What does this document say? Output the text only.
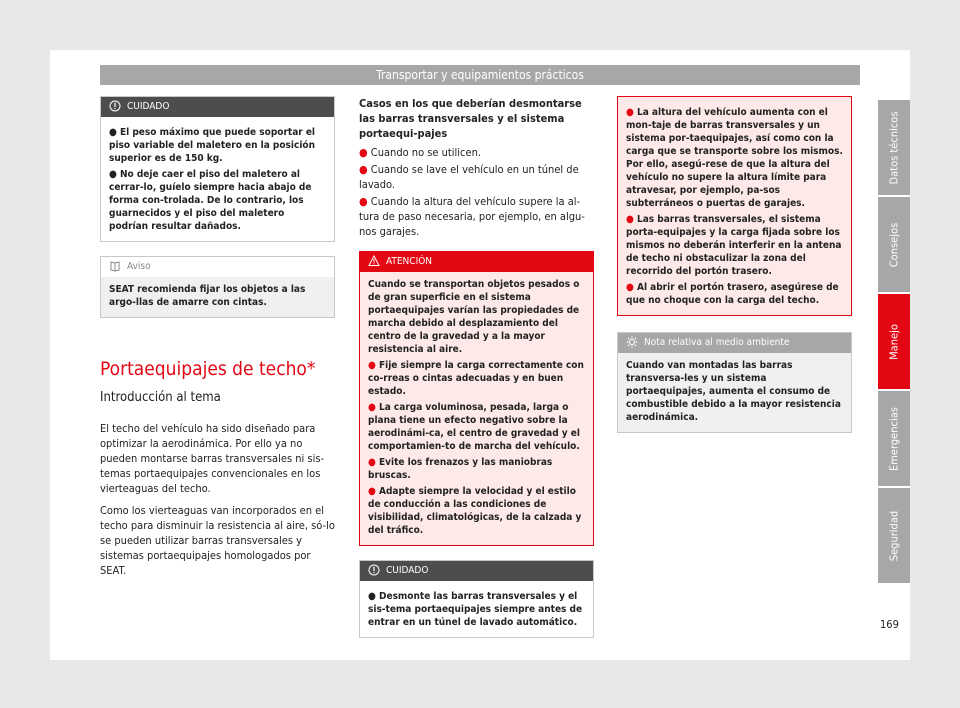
Transportar y equipamientos prácticos
CUIDADO
● El peso máximo que puede soportar el piso variable del maletero en la posición superior es de 150 kg.
● No deje caer el piso del maletero al cerrar-lo, guíelo siempre hacia abajo de forma con-trolada. De lo contrario, los guarnecidos y el piso del maletero podrían resultar dañados.
Aviso
SEAT recomienda fijar los objetos a las argo-llas de amarre con cintas.
Portaequipajes de techo*
Introducción al tema

El techo del vehículo ha sido diseñado para optimizar la aerodinámica. Por ello ya no pueden montarse barras transversales ni sis-temas portaequipajes convencionales en los vierteaguas del techo.

Como los vierteaguas van incorporados en el techo para disminuir la resistencia al aire, só-lo se pueden utilizar barras transversales y sistemas portaequipajes homologados por SEAT.

Casos en los que deberían desmontarse las barras transversales y el sistema portaequi-pajes
● Cuando no se utilicen.
● Cuando se lave el vehículo en un túnel de lavado.
● Cuando la altura del vehículo supere la al-tura de paso necesaria, por ejemplo, en algu-nos garajes.
ATENCIÓN
Cuando se transportan objetos pesados o de gran superficie en el sistema portaequipajes varían las propiedades de marcha debido al desplazamiento del centro de la gravedad y a la mayor resistencia al aire.
● Fije siempre la carga correctamente con co-rreas o cintas adecuadas y en buen estado.
● La carga voluminosa, pesada, larga o plana tiene un efecto negativo sobre la aerodinámi-ca, el centro de gravedad y el comportamien-to de marcha del vehículo.
● Evite los frenazos y las maniobras bruscas.
● Adapte siempre la velocidad y el estilo de conducción a las condiciones de visibilidad, climatológicas, de la calzada y del tráfico.
CUIDADO
● Desmonte las barras transversales y el sis-tema portaequipajes siempre antes de entrar en un túnel de lavado automático.
● La altura del vehículo aumenta con el mon-taje de barras transversales y un sistema por-taequipajes, así como con la carga que se transporte sobre los mismos. Por ello, asegú-rese de que la altura del vehículo no supere la altura límite para atravesar, por ejemplo, pa-sos subterráneos o puertas de garajes.
● Las barras transversales, el sistema porta-equipajes y la carga fijada sobre los mismos no deberán interferir en la antena de techo ni obstaculizar la zona del recorrido del portón trasero.
● Al abrir el portón trasero, asegúrese de que no choque con la carga del techo.
Nota relativa al medio ambiente
Cuando van montadas las barras transversa-les y un sistema portaequipajes, aumenta el consumo de combustible debido a la mayor resistencia aerodinámica.
Datos técnicos
Consejos
Manejo
Emergencias
Seguridad
169
